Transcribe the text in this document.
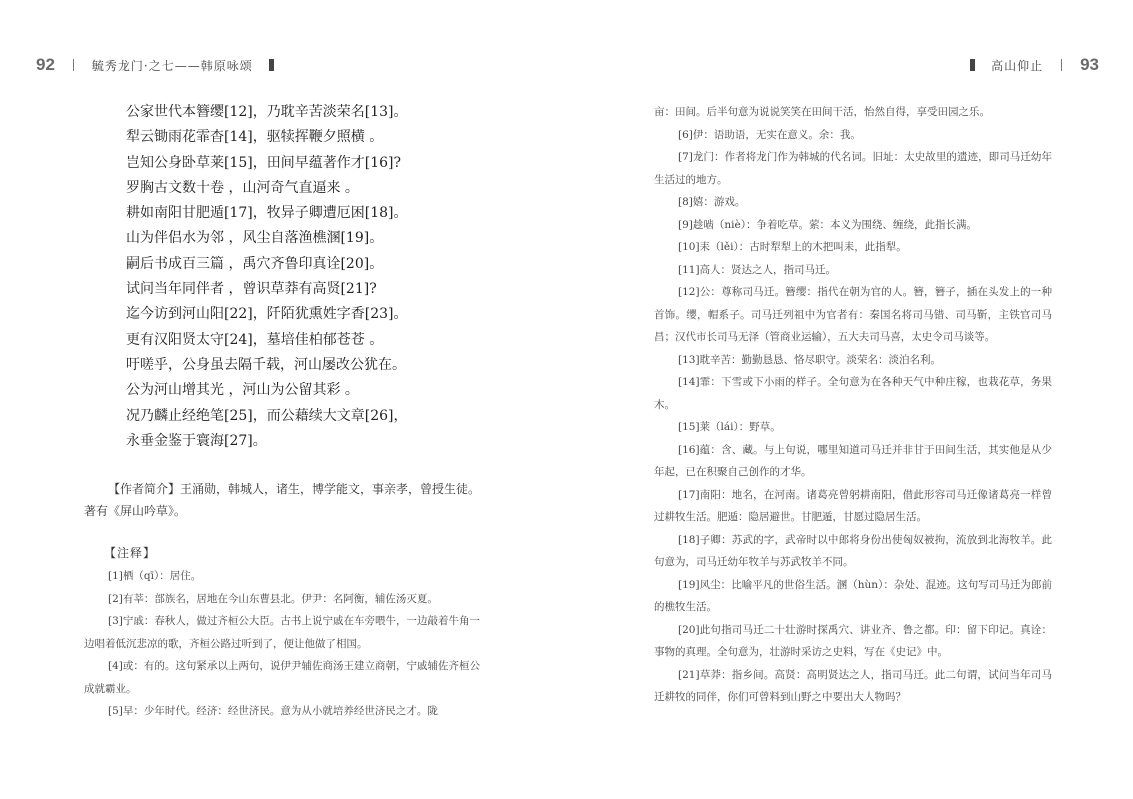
92	毓秀龙门·之七——韩原咏颂
公家世代本簪缨[12]，乃耽辛苦淡荣名[13]。
犁云锄雨花霏杳[14]，驱犊挥鞭夕照横 。
岂知公身卧草莱[15]，田间早蕴著作才[16]?
罗胸古文数十卷 ，山河奇气直逼来 。
耕如南阳甘肥遁[17]，牧异子卿遭厄困[18]。
山为伴侣水为邻 ，风尘自落渔樵溷[19]。
嗣后书成百三篇 ，禹穴齐鲁印真诠[20]。
试问当年同伴者 ，曾识草莽有高贤[21]?
迄今访到河山阳[22]，阡陌犹熏姓字香[23]。
更有汉阳贤太守[24]，墓培佳柏郁苍苍 。
吁嗟乎，公身虽去隔千载，河山屡改公犹在。
公为河山增其光 ，河山为公留其彩 。
况乃麟止经绝笔[25]，而公藉续大文章[26]，
永垂金鉴于寰海[27]。

【作者简介】王涌勋，韩城人，诸生，博学能文，事亲孝，曾授生徒。著有《屏山吟草》。

【注释】

[1]栖（qī）：居住。

[2]有莘：部族名，居地在今山东曹县北。伊尹：名阿衡，辅佐汤灭夏。

[3]宁戚：春秋人，做过齐桓公大臣。古书上说宁戚在车旁喂牛，一边敲着牛角一边唱着低沉悲凉的歌，齐桓公路过听到了，便让他做了相国。

[4]或：有的。这句紧承以上两句，说伊尹辅佐商汤王建立商朝，宁戚辅佐齐桓公成就霸业。

[5]早：少年时代。经济：经世济民。意为从小就培养经世济民之才。陇

高山仰止 93

亩：田间。后半句意为说说笑笑在田间干活，怡然自得，享受田园之乐。

[6]伊：语助语，无实在意义。余：我。

[7]龙门：作者将龙门作为韩城的代名词。旧址：太史故里的遗迹，即司马迁幼年生活过的地方。

[8]嬉：游戏。

[9]趁啮（niè）：争着吃草。萦：本义为围绕、缠绕，此指长满。

[10]耒（lěi）：古时犁犁上的木把叫耒，此指犁。

[11]高人：贤达之人，指司马迁。

[12]公：尊称司马迁。簪缨：指代在朝为官的人。簪，簪子，插在头发上的一种首饰。缨，帽系子。司马迁列祖中为官者有：秦国名将司马错、司马靳，主铁官司马昌；汉代市长司马无泽（管商业运输），五大夫司马喜，太史令司马谈等。

[13]耽辛苦：勤勤恳恳、恪尽职守。淡荣名：淡泊名利。

[14]霏：下雪或下小雨的样子。全句意为在各种天气中种庄稼，也栽花草，务果木。

[15]莱（lái）：野草。

[16]蕴：含、藏。与上句说，哪里知道司马迁并非甘于田间生活，其实他是从少年起，已在积聚自己创作的才华。

[17]南阳：地名，在河南。诸葛亮曾躬耕南阳，借此形容司马迁像诸葛亮一样曾过耕牧生活。肥遁：隐居避世。甘肥遁，甘愿过隐居生活。

[18]子卿：苏武的字，武帝时以中郎将身份出使匈奴被拘，流放到北海牧羊。此句意为，司马迁幼年牧羊与苏武牧羊不同。

[19]风尘：比喻平凡的世俗生活。溷（hùn）：杂处、混迹。这句写司马迁为郎前的樵牧生活。

[20]此句指司马迁二十壮游时探禹穴、讲业齐、鲁之都。印：留下印记。真诠：事物的真理。全句意为，壮游时采访之史料，写在《史记》中。

[21]草莽：指乡间。高贤：高明贤达之人，指司马迁。此二句谓，试问当年司马迁耕牧的同伴，你们可曾料到山野之中要出大人物吗？
